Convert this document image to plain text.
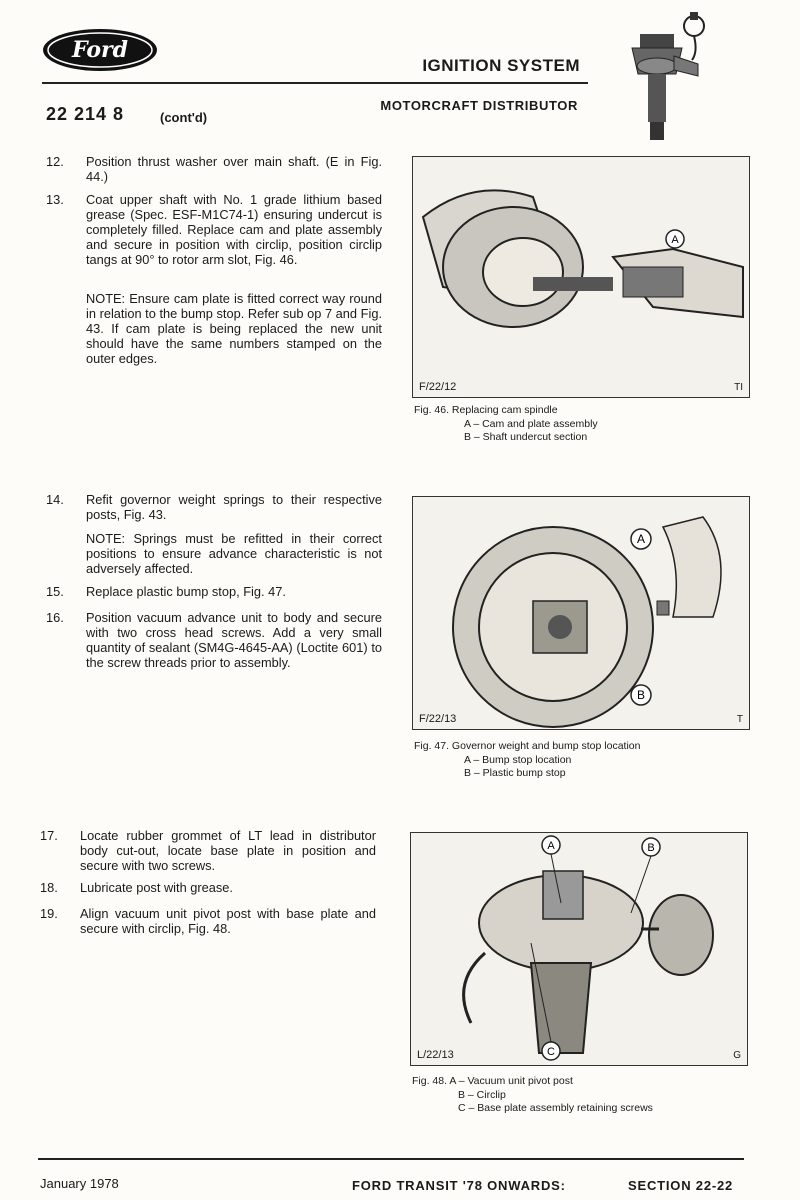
Ford
IGNITION SYSTEM
MOTORCRAFT DISTRIBUTOR
22 214 8	(cont'd)
12. Position thrust washer over main shaft. (E in Fig. 44.)
13. Coat upper shaft with No. 1 grade lithium based grease (Spec. ESF-M1C74-1) ensuring undercut is completely filled. Replace cam and plate assembly and secure in position with circlip, position circlip tangs at 90° to rotor arm slot, Fig. 46.
NOTE: Ensure cam plate is fitted correct way round in relation to the bump stop. Refer sub op 7 and Fig. 43. If cam plate is being replaced the new unit should have the same numbers stamped on the outer edges.
A
F/22/12	TI
Fig. 46. Replacing cam spindle
A – Cam and plate assembly
B – Shaft undercut section
14. Refit governor weight springs to their respective posts, Fig. 43.
NOTE: Springs must be refitted in their correct positions to ensure advance characteristic is not adversely affected.
15. Replace plastic bump stop, Fig. 47.
16. Position vacuum advance unit to body and secure with two cross head screws. Add a very small quantity of sealant (SM4G-4645-AA) (Loctite 601) to the screw threads prior to assembly.
A
B
F/22/13	T
Fig. 47. Governor weight and bump stop location
A – Bump stop location
B – Plastic bump stop
17. Locate rubber grommet of LT lead in distributor body cut-out, locate base plate in position and secure with two screws.
18. Lubricate post with grease.
19. Align vacuum unit pivot post with base plate and secure with circlip, Fig. 48.
A	B
C
L/22/13	G
Fig. 48. A – Vacuum unit pivot post
B – Circlip
C – Base plate assembly retaining screws
January 1978	FORD TRANSIT '78 ONWARDS:	SECTION 22-22
